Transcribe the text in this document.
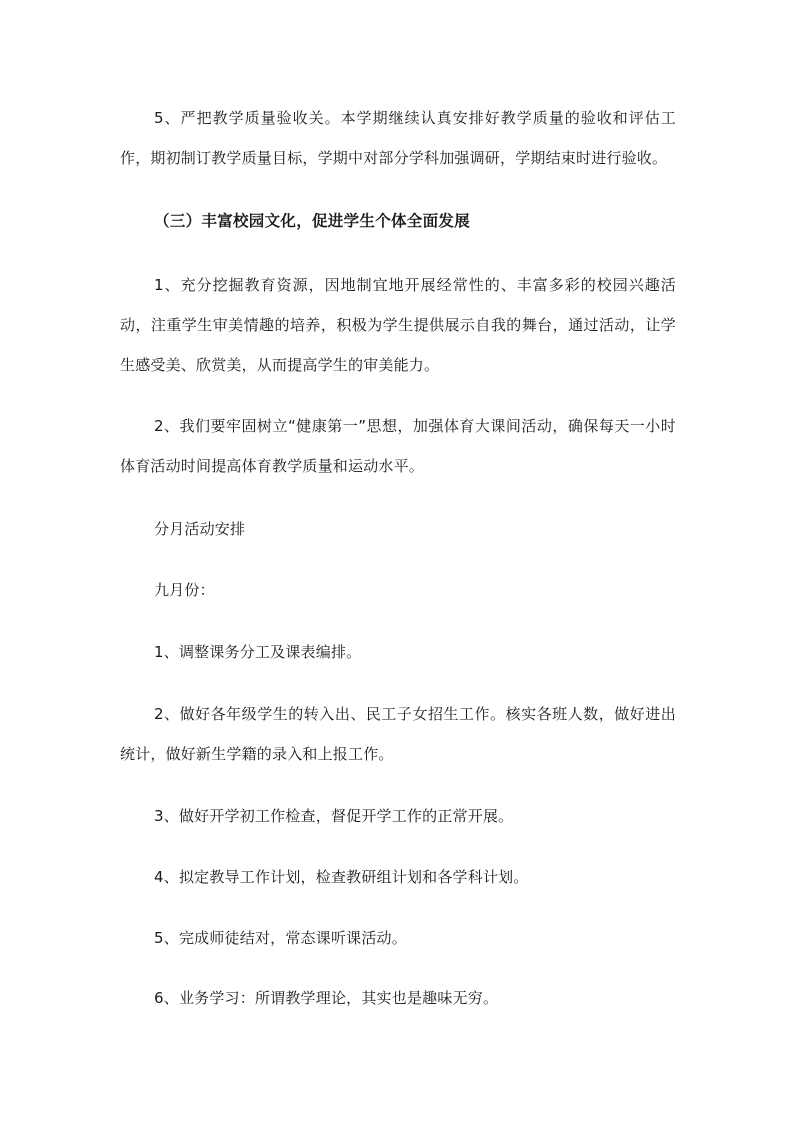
5、严把教学质量验收关。本学期继续认真安排好教学质量的验收和评估工作，期初制订教学质量目标，学期中对部分学科加强调研，学期结束时进行验收。

（三）丰富校园文化，促进学生个体全面发展

1、充分挖掘教育资源，因地制宜地开展经常性的、丰富多彩的校园兴趣活动，注重学生审美情趣的培养，积极为学生提供展示自我的舞台，通过活动，让学生感受美、欣赏美，从而提高学生的审美能力。

2、我们要牢固树立“健康第一”思想，加强体育大课间活动，确保每天一小时体育活动时间提高体育教学质量和运动水平。

分月活动安排

九月份：

1、调整课务分工及课表编排。

2、做好各年级学生的转入出、民工子女招生工作。核实各班人数，做好进出统计，做好新生学籍的录入和上报工作。

3、做好开学初工作检查，督促开学工作的正常开展。

4、拟定教导工作计划，检查教研组计划和各学科计划。

5、完成师徒结对，常态课听课活动。

6、业务学习：所谓教学理论，其实也是趣味无穷。
